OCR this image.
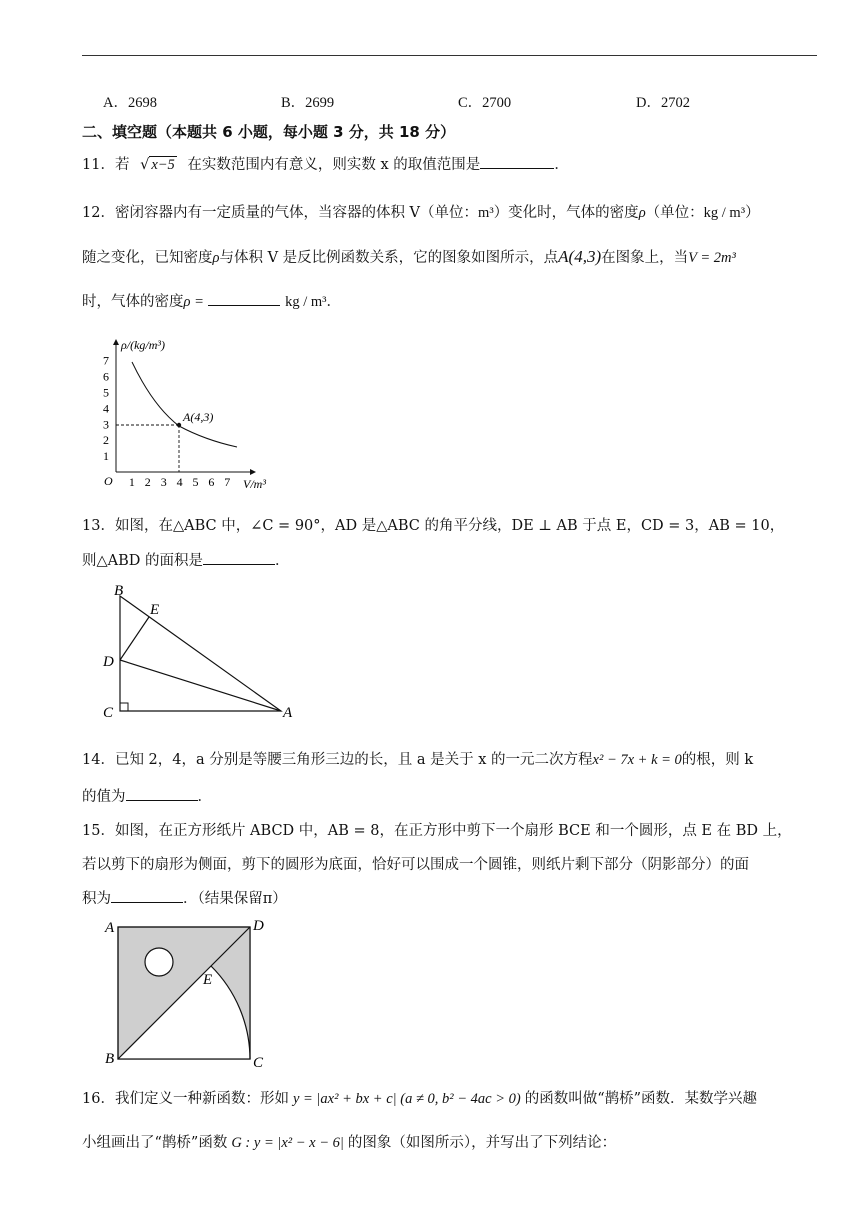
A．2698	B．2699	C．2700	D．2702
二、填空题（本题共 6 小题，每小题 3 分，共 18 分）
11．若 √ x−5 在实数范围内有意义，则实数 x 的取值范围是	．
12．密闭容器内有一定质量的气体，当容器的体积 V（单位：m³）变化时，气体的密度ρ（单位：kg / m³）
随之变化，已知密度ρ与体积 V 是反比例函数关系，它的图象如图所示，点A(4,3)在图象上，当V = 2m³
时，气体的密度ρ =	kg / m³．
ρ/(kg/m³)
V/m³
O
1
2
3
4
5
6
7
1 2 3 4 5 6 7
A(4,3)
13．如图，在△ABC 中，∠C = 90°，AD 是△ABC 的角平分线，DE ⊥ AB 于点 E，CD = 3，AB = 10，
则△ABD 的面积是	．
B
E
D
C	A
14．已知 2，4，a 分别是等腰三角形三边的长，且 a 是关于 x 的一元二次方程x² − 7x + k = 0的根，则 k
的值为	．
15．如图，在正方形纸片 ABCD 中，AB = 8，在正方形中剪下一个扇形 BCE 和一个圆形，点 E 在 BD 上，
若以剪下的扇形为侧面，剪下的圆形为底面，恰好可以围成一个圆锥，则纸片剩下部分（阴影部分）的面
积为	．（结果保留π）
A	D
E
B	C
16．我们定义一种新函数：形如 y = |ax² + bx + c| (a ≠ 0, b² − 4ac > 0) 的函数叫做“鹊桥”函数．某数学兴趣
小组画出了“鹊桥”函数 G : y = |x² − x − 6| 的图象（如图所示），并写出了下列结论：
